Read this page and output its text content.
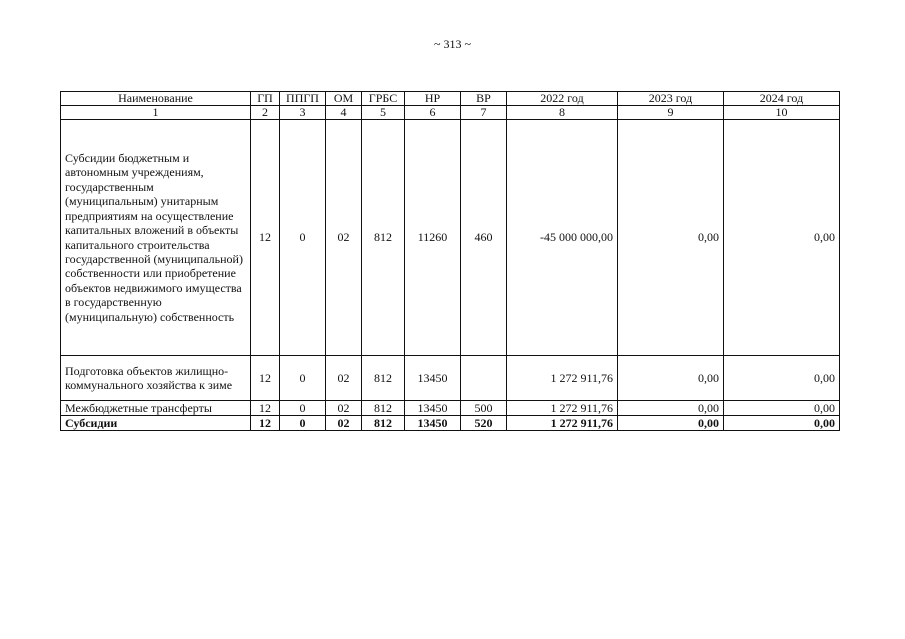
~ 313 ~
Наименование	ГП	ППГП	ОМ	ГРБС	НР	ВР	2022 год	2023 год	2024 год
1	2	3	4	5	6	7	8	9	10
Субсидии бюджетным и автономным учреждениям, государственным (муниципальным) унитарным предприятиям на осуществление капитальных вложений в объекты капитального строительства государственной (муниципальной) собственности или приобретение объектов недвижимого имущества в государственную (муниципальную) собственность	12	0	02	812	11260	460	-45 000 000,00	0,00	0,00
Подготовка объектов жилищно-коммунального хозяйства к зиме	12	0	02	812	13450		1 272 911,76	0,00	0,00
Межбюджетные трансферты	12	0	02	812	13450	500	1 272 911,76	0,00	0,00
Субсидии	12	0	02	812	13450	520	1 272 911,76	0,00	0,00
